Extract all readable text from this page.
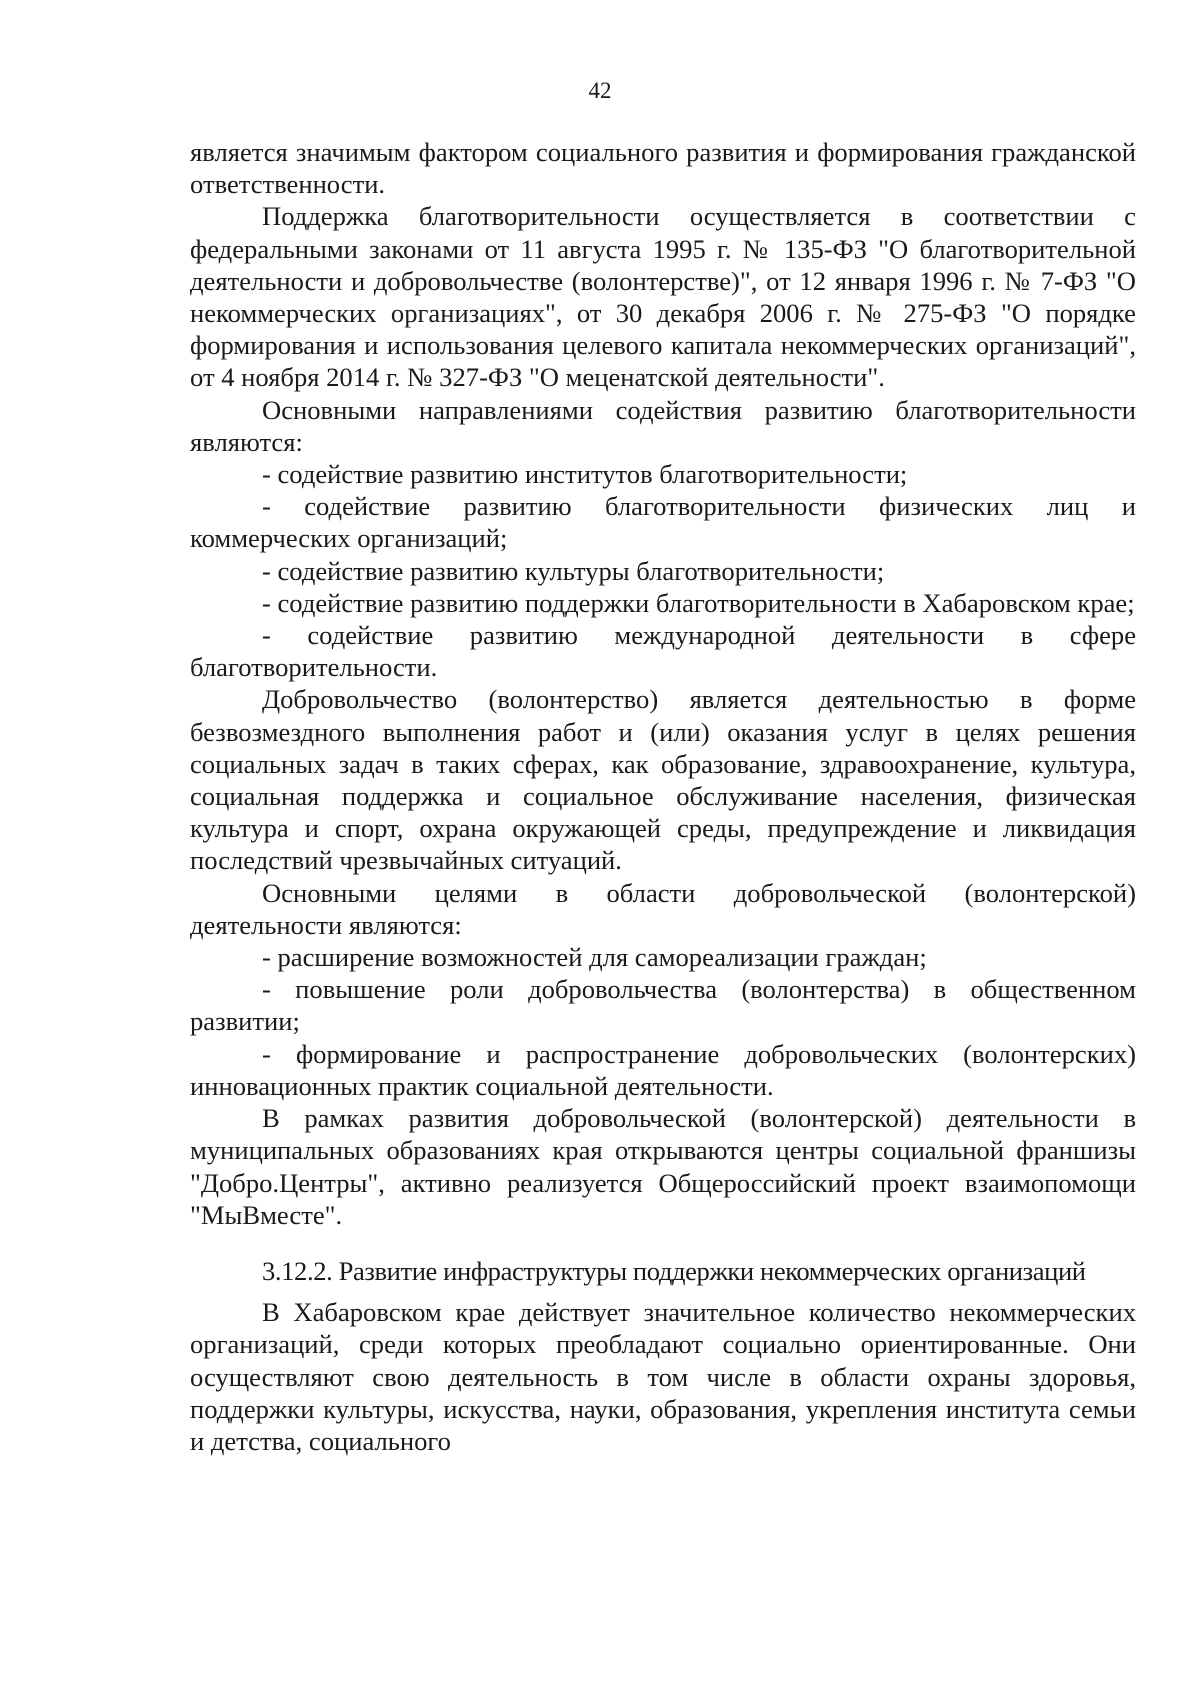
42

является значимым фактором социального развития и формирования гражданской ответственности.

Поддержка благотворительности осуществляется в соответствии с федеральными законами от 11 августа 1995 г. № 135-ФЗ "О благотворительной деятельности и добровольчестве (волонтерстве)", от 12 января 1996 г. № 7-ФЗ "О некоммерческих организациях", от 30 декабря 2006 г. № 275-ФЗ "О порядке формирования и использования целевого капитала некоммерческих организаций", от 4 ноября 2014 г. № 327-ФЗ "О меценатской деятельности".

Основными направлениями содействия развитию благотворительности являются:

- содействие развитию институтов благотворительности;

- содействие развитию благотворительности физических лиц и коммерческих организаций;

- содействие развитию культуры благотворительности;

- содействие развитию поддержки благотворительности в Хабаровском крае;

- содействие развитию международной деятельности в сфере благотворительности.

Добровольчество (волонтерство) является деятельностью в форме безвозмездного выполнения работ и (или) оказания услуг в целях решения социальных задач в таких сферах, как образование, здравоохранение, культура, социальная поддержка и социальное обслуживание населения, физическая культура и спорт, охрана окружающей среды, предупреждение и ликвидация последствий чрезвычайных ситуаций.

Основными целями в области добровольческой (волонтерской) деятельности являются:

- расширение возможностей для самореализации граждан;

- повышение роли добровольчества (волонтерства) в общественном развитии;

- формирование и распространение добровольческих (волонтерских) инновационных практик социальной деятельности.

В рамках развития добровольческой (волонтерской) деятельности в муниципальных образованиях края открываются центры социальной франшизы "Добро.Центры", активно реализуется Общероссийский проект взаимопомощи "МыВместе".

3.12.2. Развитие инфраструктуры поддержки некоммерческих организаций

В Хабаровском крае действует значительное количество некоммерческих организаций, среди которых преобладают социально ориентированные. Они осуществляют свою деятельность в том числе в области охраны здоровья, поддержки культуры, искусства, науки, образования, укрепления института семьи и детства, социального
